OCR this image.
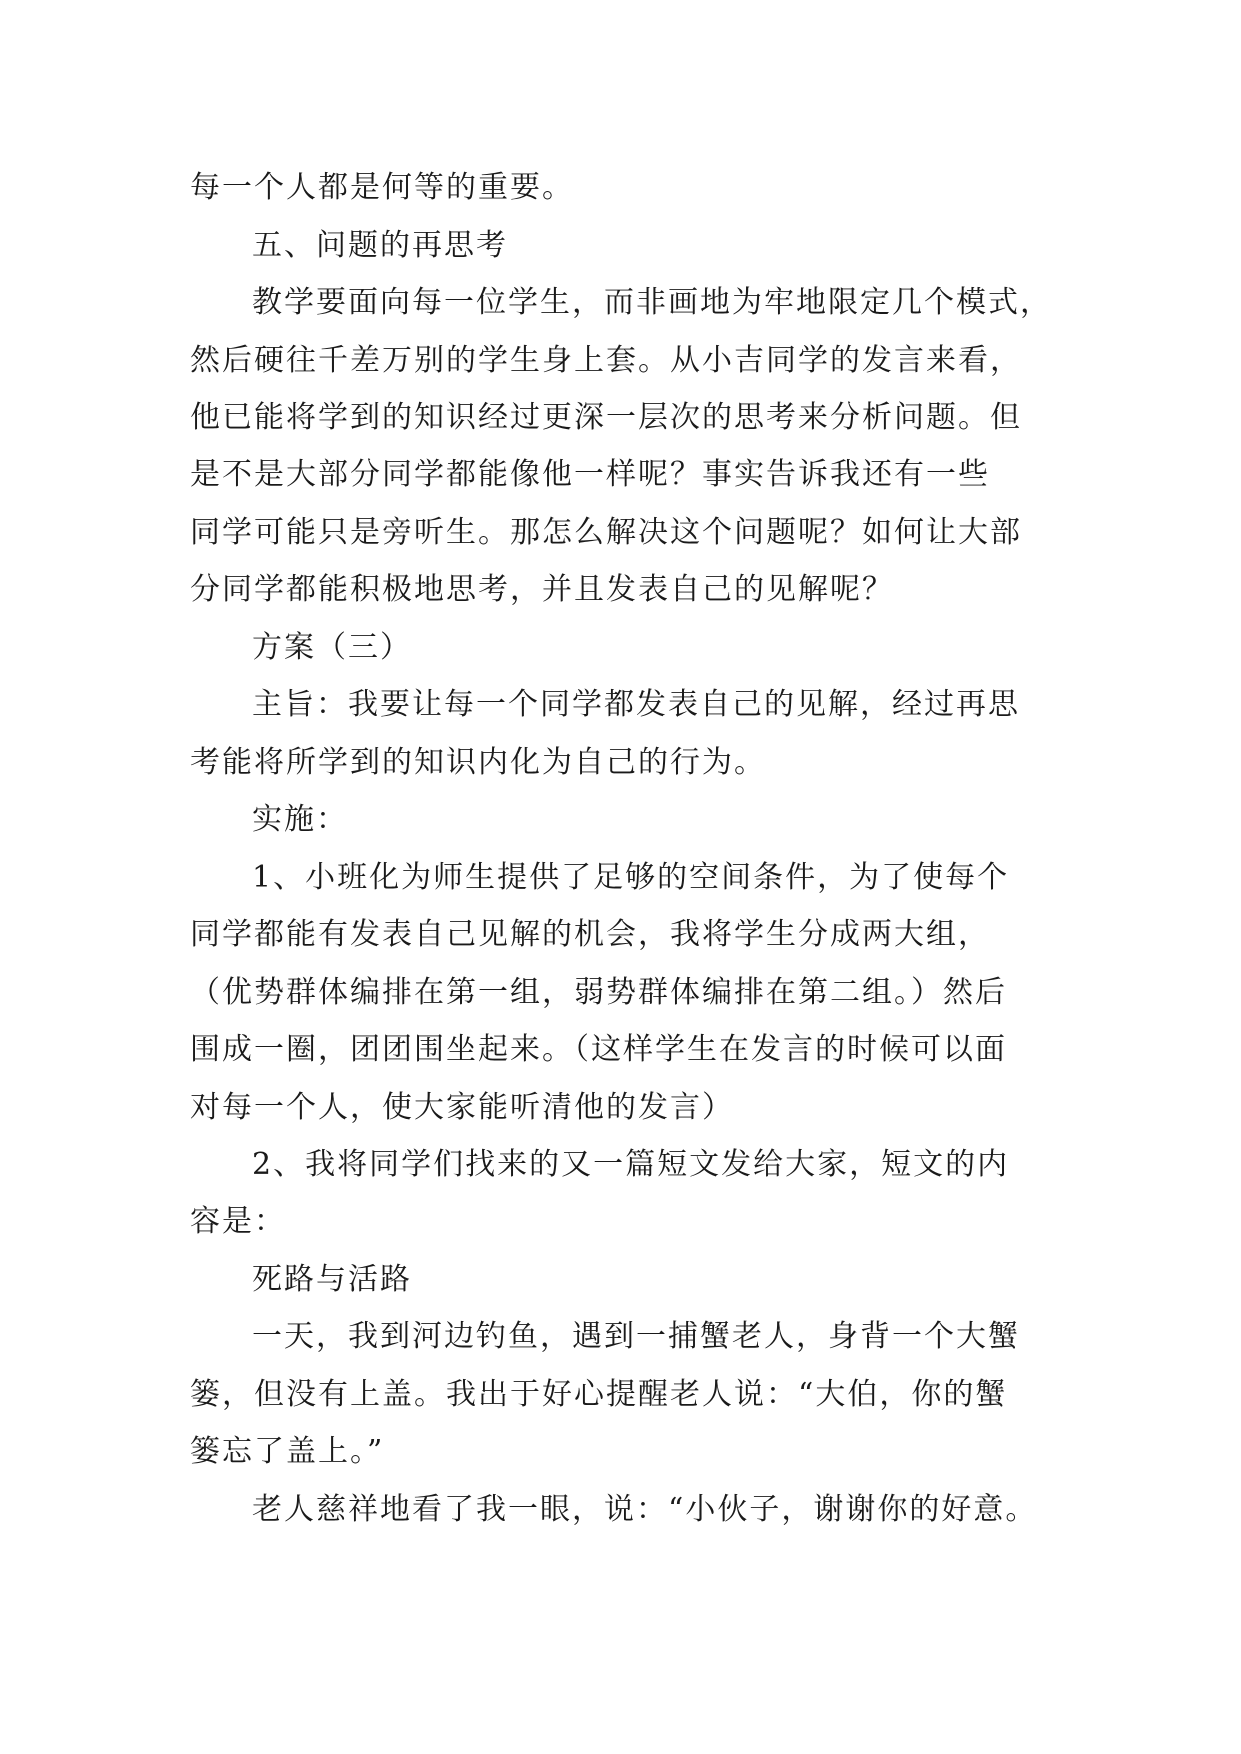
每一个人都是何等的重要。
五、问题的再思考
教学要面向每一位学生，而非画地为牢地限定几个模式，
然后硬往千差万别的学生身上套。从小吉同学的发言来看，
他已能将学到的知识经过更深一层次的思考来分析问题。但
是不是大部分同学都能像他一样呢？事实告诉我还有一些
同学可能只是旁听生。那怎么解决这个问题呢？如何让大部
分同学都能积极地思考，并且发表自己的见解呢？
方案（三）
主旨：我要让每一个同学都发表自己的见解，经过再思
考能将所学到的知识内化为自己的行为。
实施：
1、小班化为师生提供了足够的空间条件，为了使每个
同学都能有发表自己见解的机会，我将学生分成两大组，
（优势群体编排在第一组，弱势群体编排在第二组。）然后
围成一圈，团团围坐起来。（这样学生在发言的时候可以面
对每一个人，使大家能听清他的发言）
2、我将同学们找来的又一篇短文发给大家，短文的内
容是：
死路与活路
一天，我到河边钓鱼，遇到一捕蟹老人，身背一个大蟹
篓，但没有上盖。我出于好心提醒老人说：“大伯，你的蟹
篓忘了盖上。”
老人慈祥地看了我一眼，说：“小伙子，谢谢你的好意。
